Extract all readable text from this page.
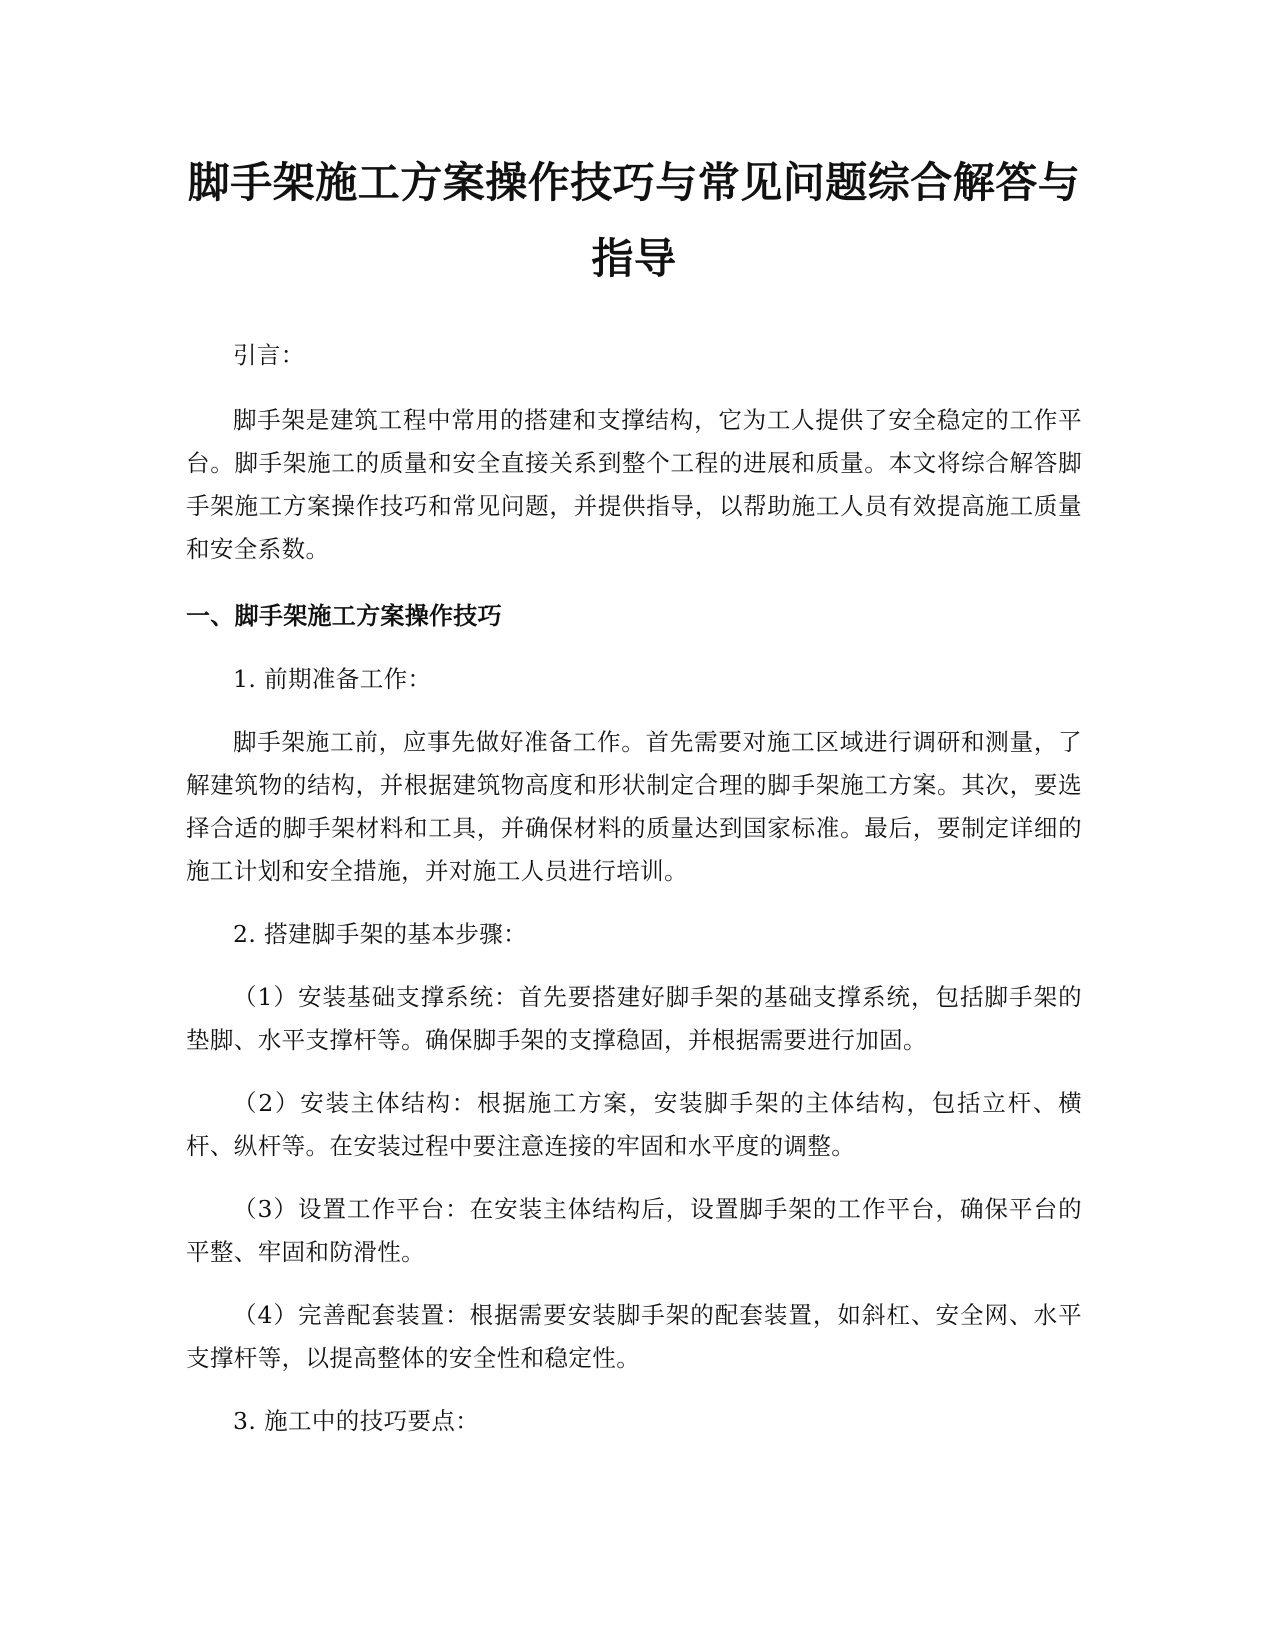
脚手架施工方案操作技巧与常见问题综合解答与指导

引言：

脚手架是建筑工程中常用的搭建和支撑结构，它为工人提供了安全稳定的工作平台。脚手架施工的质量和安全直接关系到整个工程的进展和质量。本文将综合解答脚手架施工方案操作技巧和常见问题，并提供指导，以帮助施工人员有效提高施工质量和安全系数。

一、脚手架施工方案操作技巧

1. 前期准备工作：

脚手架施工前，应事先做好准备工作。首先需要对施工区域进行调研和测量，了解建筑物的结构，并根据建筑物高度和形状制定合理的脚手架施工方案。其次，要选择合适的脚手架材料和工具，并确保材料的质量达到国家标准。最后，要制定详细的施工计划和安全措施，并对施工人员进行培训。

2. 搭建脚手架的基本步骤：

（1）安装基础支撑系统：首先要搭建好脚手架的基础支撑系统，包括脚手架的垫脚、水平支撑杆等。确保脚手架的支撑稳固，并根据需要进行加固。

（2）安装主体结构：根据施工方案，安装脚手架的主体结构，包括立杆、横杆、纵杆等。在安装过程中要注意连接的牢固和水平度的调整。

（3）设置工作平台：在安装主体结构后，设置脚手架的工作平台，确保平台的平整、牢固和防滑性。

（4）完善配套装置：根据需要安装脚手架的配套装置，如斜杠、安全网、水平支撑杆等，以提高整体的安全性和稳定性。

3. 施工中的技巧要点：
